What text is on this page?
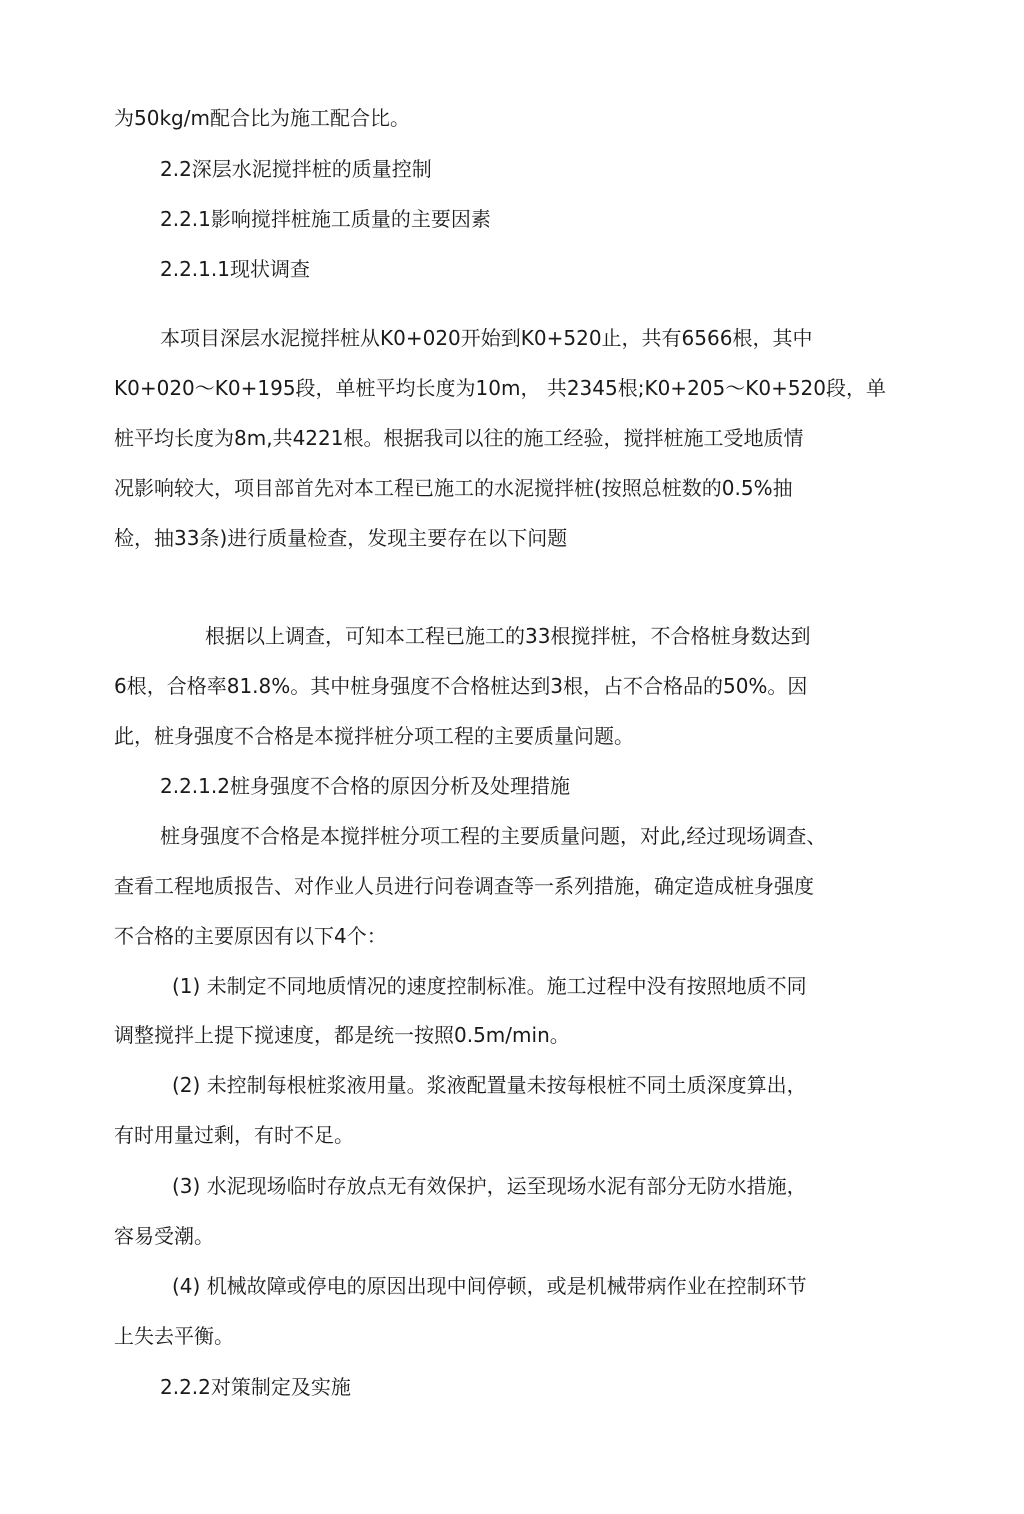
为50kg/m配合比为施工配合比。
2.2深层水泥搅拌桩的质量控制
2.2.1影响搅拌桩施工质量的主要因素
2.2.1.1现状调查
本项目深层水泥搅拌桩从K0+020开始到K0+520止，共有6566根，其中
K0+020～K0+195段，单桩平均长度为10m， 共2345根;K0+205～K0+520段，单
桩平均长度为8m,共4221根。根据我司以往的施工经验，搅拌桩施工受地质情
况影响较大，项目部首先对本工程已施工的水泥搅拌桩(按照总桩数的0.5%抽
检，抽33条)进行质量检查，发现主要存在以下问题
根据以上调查，可知本工程已施工的33根搅拌桩，不合格桩身数达到
6根，合格率81.8%。其中桩身强度不合格桩达到3根，占不合格品的50%。因
此，桩身强度不合格是本搅拌桩分项工程的主要质量问题。
2.2.1.2桩身强度不合格的原因分析及处理措施
桩身强度不合格是本搅拌桩分项工程的主要质量问题，对此,经过现场调查、
查看工程地质报告、对作业人员进行问卷调查等一系列措施，确定造成桩身强度
不合格的主要原因有以下4个：
(1) 未制定不同地质情况的速度控制标准。施工过程中没有按照地质不同
调整搅拌上提下搅速度，都是统一按照0.5m/min。
(2) 未控制每根桩浆液用量。浆液配置量未按每根桩不同土质深度算出，
有时用量过剩，有时不足。
(3) 水泥现场临时存放点无有效保护，运至现场水泥有部分无防水措施，
容易受潮。
(4) 机械故障或停电的原因出现中间停顿，或是机械带病作业在控制环节
上失去平衡。
2.2.2对策制定及实施
